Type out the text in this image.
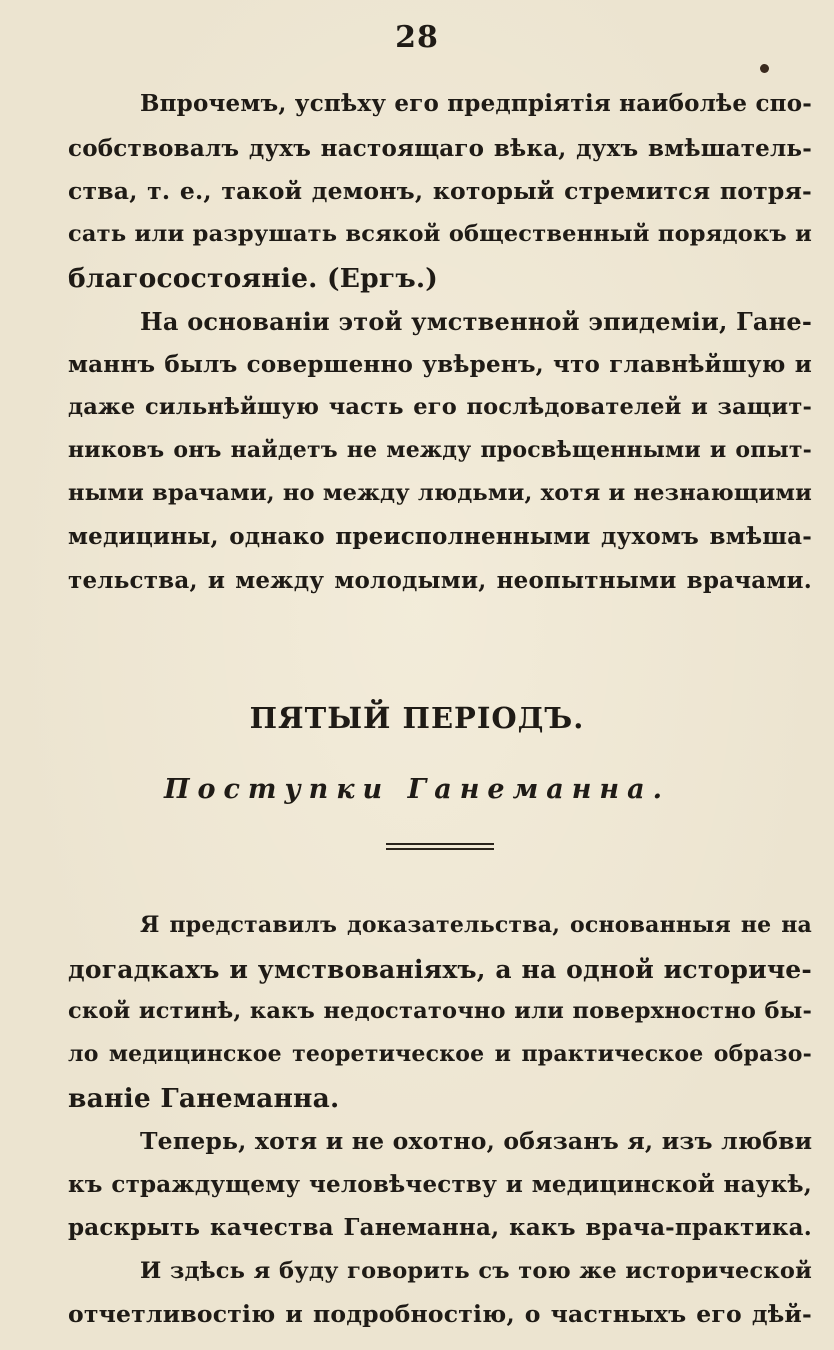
28
Впрочемъ, успѣху его предпріятія наиболѣе спо-
собствовалъ духъ настоящаго вѣка, духъ вмѣшатель-
ства, т. е., такой демонъ, который стремится потря-
сать или разрушать всякой общественный порядокъ и
благосостояніе. (Ергъ.)
На основаніи этой умственной эпидеміи, Гане-
маннъ былъ совершенно увѣренъ, что главнѣйшую и
даже сильнѣйшую часть его послѣдователей и защит-
никовъ онъ найдетъ не между просвѣщенными и опыт-
ными врачами, но между людьми, хотя и незнающими
медицины, однако преисполненными духомъ вмѣша-
тельства, и между молодыми, неопытными врачами.
ПЯТЫЙ ПЕРІОДЪ.
Поступки Ганеманна.
Я представилъ доказательства, основанныя не на
догадкахъ и умствованіяхъ, а на одной историче-
ской истинѣ, какъ недостаточно или поверхностно бы-
ло медицинское теоретическое и практическое образо-
ваніе Ганеманна.
Теперь, хотя и не охотно, обязанъ я, изъ любви
къ страждущему человѣчеству и медицинской наукѣ,
раскрыть качества Ганеманна, какъ врача-практика.
И здѣсь я буду говорить съ тою же исторической
отчетливостію и подробностію, о частныхъ его дѣй-
